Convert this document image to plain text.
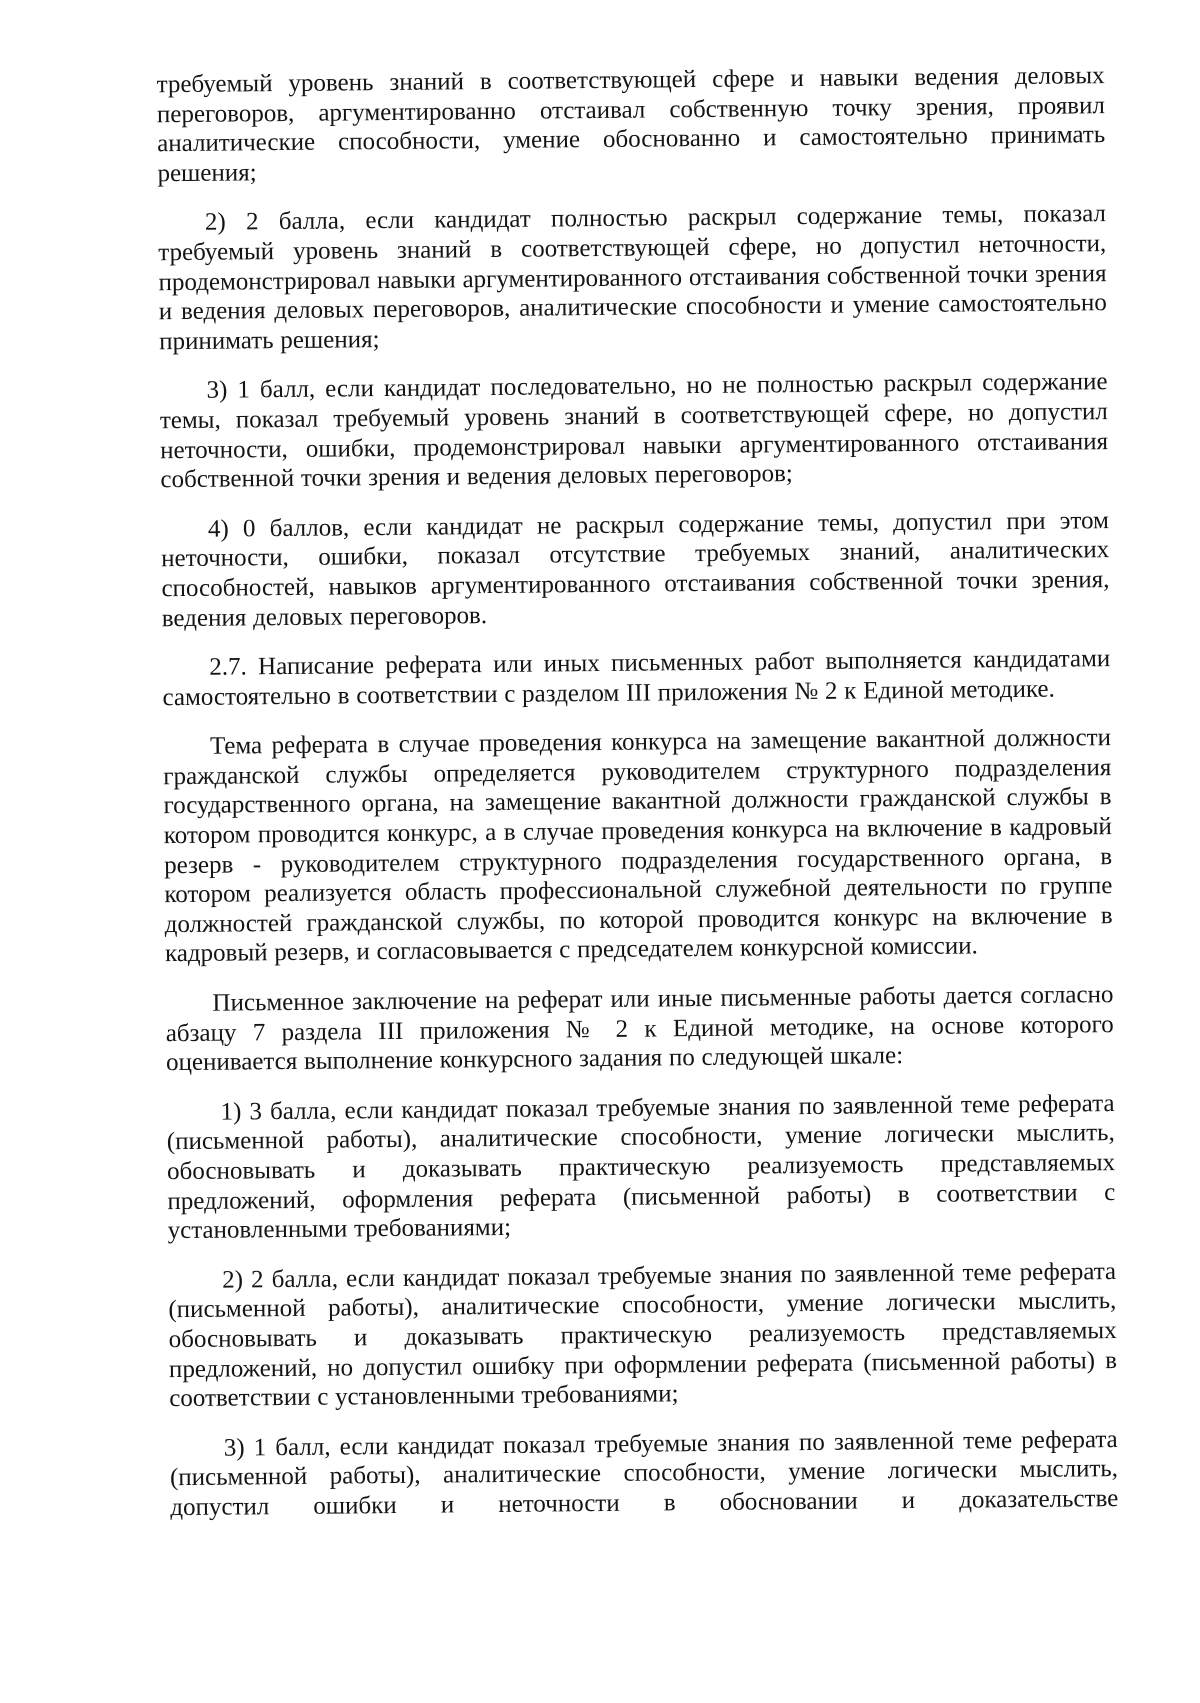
требуемый уровень знаний в соответствующей сфере и навыки ведения деловых переговоров, аргументированно отстаивал собственную точку зрения, проявил аналитические способности, умение обоснованно и самостоятельно принимать решения;

2) 2 балла, если кандидат полностью раскрыл содержание темы, показал требуемый уровень знаний в соответствующей сфере, но допустил неточности, продемонстрировал навыки аргументированного отстаивания собственной точки зрения и ведения деловых переговоров, аналитические способности и умение самостоятельно принимать решения;

3) 1 балл, если кандидат последовательно, но не полностью раскрыл содержание темы, показал требуемый уровень знаний в соответствующей сфере, но допустил неточности, ошибки, продемонстрировал навыки аргументированного отстаивания собственной точки зрения и ведения деловых переговоров;

4) 0 баллов, если кандидат не раскрыл содержание темы, допустил при этом неточности, ошибки, показал отсутствие требуемых знаний, аналитических способностей, навыков аргументированного отстаивания собственной точки зрения, ведения деловых переговоров.

2.7. Написание реферата или иных письменных работ выполняется кандидатами самостоятельно в соответствии с разделом III приложения № 2 к Единой методике.

Тема реферата в случае проведения конкурса на замещение вакантной должности гражданской службы определяется руководителем структурного подразделения государственного органа, на замещение вакантной должности гражданской службы в котором проводится конкурс, а в случае проведения конкурса на включение в кадровый резерв - руководителем структурного подразделения государственного органа, в котором реализуется область профессиональной служебной деятельности по группе должностей гражданской службы, по которой проводится конкурс на включение в кадровый резерв, и согласовывается с председателем конкурсной комиссии.

Письменное заключение на реферат или иные письменные работы дается согласно абзацу 7 раздела III приложения № 2 к Единой методике, на основе которого оценивается выполнение конкурсного задания по следующей шкале:

1) 3 балла, если кандидат показал требуемые знания по заявленной теме реферата (письменной работы), аналитические способности, умение логически мыслить, обосновывать и доказывать практическую реализуемость представляемых предложений, оформления реферата (письменной работы) в соответствии с установленными требованиями;

2) 2 балла, если кандидат показал требуемые знания по заявленной теме реферата (письменной работы), аналитические способности, умение логически мыслить, обосновывать и доказывать практическую реализуемость представляемых предложений, но допустил ошибку при оформлении реферата (письменной работы) в соответствии с установленными требованиями;

3) 1 балл, если кандидат показал требуемые знания по заявленной теме реферата (письменной работы), аналитические способности, умение логически мыслить, допустил ошибки и неточности в обосновании и доказательстве
